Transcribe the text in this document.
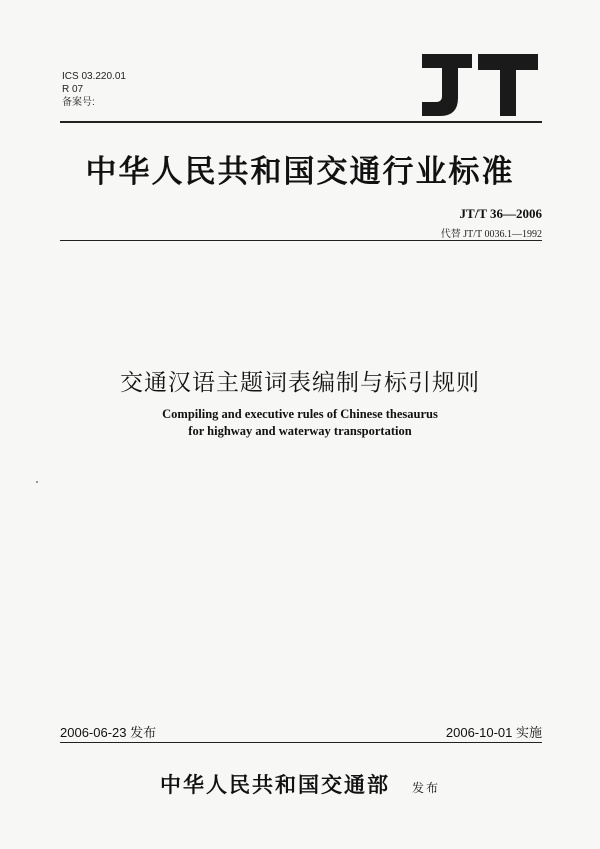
ICS 03.220.01
R 07
备案号:
中华人民共和国交通行业标准
JT/T 36—2006
代替 JT/T 0036.1—1992
交通汉语主题词表编制与标引规则
Compiling and executive rules of Chinese thesaurus
for highway and waterway transportation
2006-06-23 发布	2006-10-01 实施
中华人民共和国交通部 发布
